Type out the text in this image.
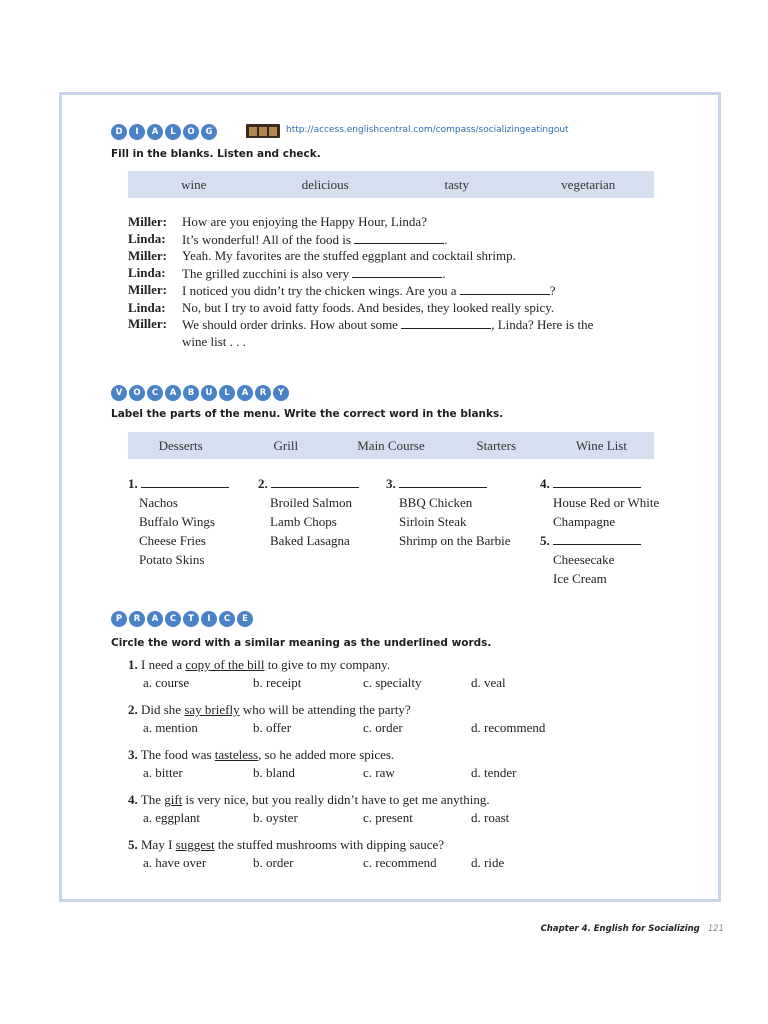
D	I	A	L	O	G	http://access.englishcentral.com/compass/socializingeatingout
Fill in the blanks. Listen and check.
wine	delicious	tasty	vegetarian
Miller:	How are you enjoying the Happy Hour, Linda?
Linda:	It’s wonderful! All of the food is	.
Miller:	Yeah. My favorites are the stuffed eggplant and cocktail shrimp.
Linda:	The grilled zucchini is also very	.
Miller:	I noticed you didn’t try the chicken wings. Are you a	?
Linda:	No, but I try to avoid fatty foods. And besides, they looked really spicy.
Miller:	We should order drinks. How about some	, Linda? Here is the
wine list . . .
V	O	C	A	B	U	L	A	R	Y
Label the parts of the menu. Write the correct word in the blanks.
Desserts	Grill	Main Course	Starters	Wine List
1.
Nachos
Buffalo Wings
Cheese Fries
Potato Skins
2.
Broiled Salmon
Lamb Chops
Baked Lasagna
3.
BBQ Chicken
Sirloin Steak
Shrimp on the Barbie
4.
House Red or White
Champagne
5.
Cheesecake
Ice Cream
P	R	A	C	T	I	C	E
Circle the word with a similar meaning as the underlined words.
1. I need a copy of the bill to give to my company.
a. course	b. receipt	c. specialty	d. veal
2. Did she say briefly who will be attending the party?
a. mention	b. offer	c. order	d. recommend
3. The food was tasteless, so he added more spices.
a. bitter	b. bland	c. raw	d. tender
4. The gift is very nice, but you really didn’t have to get me anything.
a. eggplant	b. oyster	c. present	d. roast
5. May I suggest the stuffed mushrooms with dipping sauce?
a. have over	b. order	c. recommend	d. ride
Chapter 4. English for Socializing 121
